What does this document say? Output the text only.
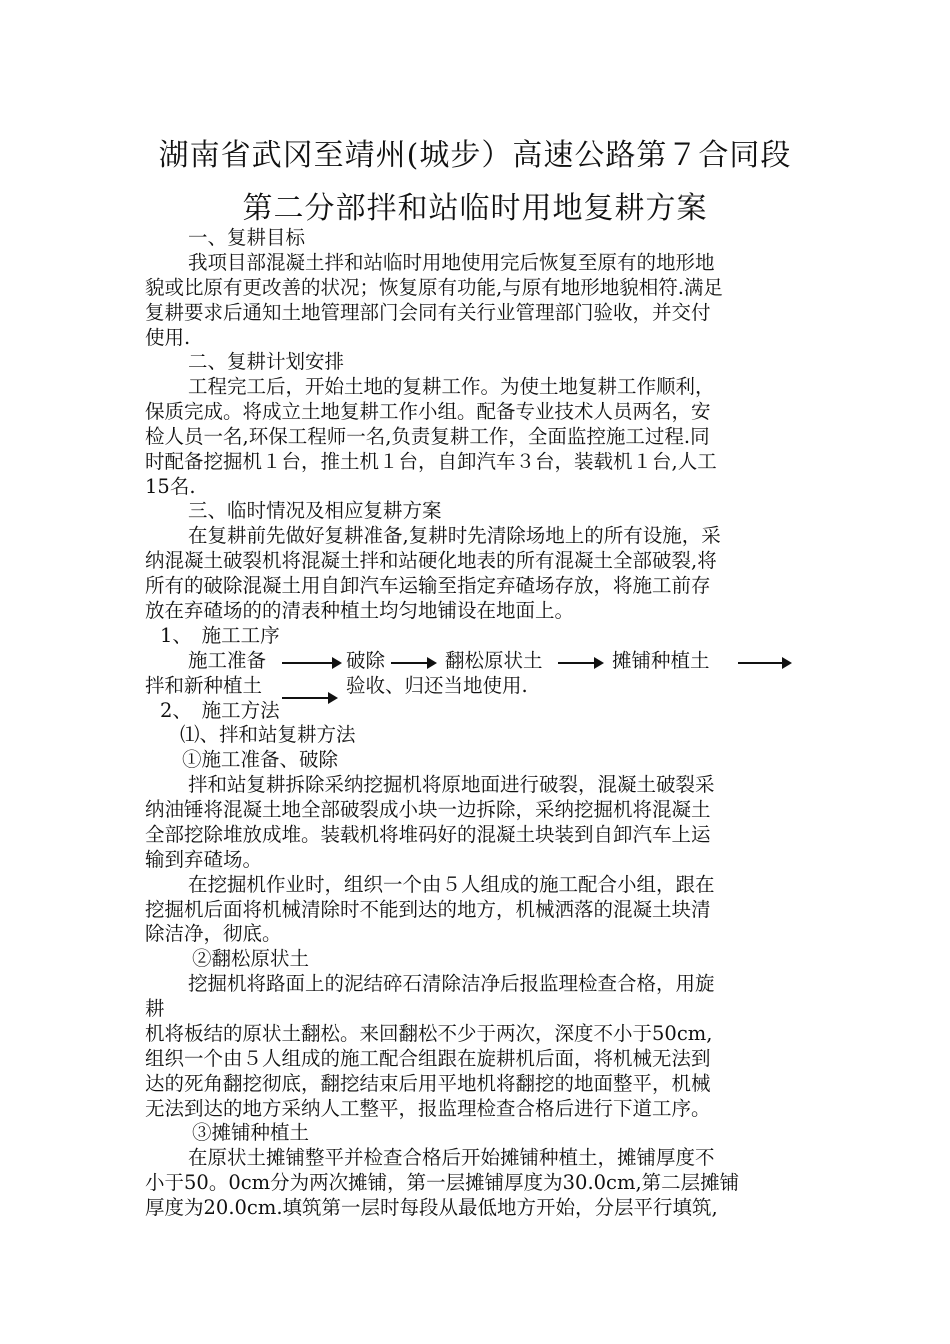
湖南省武冈至靖州(城步）高速公路第７合同段
第二分部拌和站临时用地复耕方案
一、复耕目标
我项目部混凝土拌和站临时用地使用完后恢复至原有的地形地
貌或比原有更改善的状况；恢复原有功能,与原有地形地貌相符.满足
复耕要求后通知土地管理部门会同有关行业管理部门验收，并交付
使用.
二、复耕计划安排
工程完工后，开始土地的复耕工作。为使土地复耕工作顺利，
保质完成。将成立土地复耕工作小组。配备专业技术人员两名，安
检人员一名,环保工程师一名,负责复耕工作，全面监控施工过程.同
时配备挖掘机１台，推土机１台，自卸汽车３台，装载机１台,人工
15名.
三、临时情况及相应复耕方案
在复耕前先做好复耕准备,复耕时先清除场地上的所有设施，采
纳混凝土破裂机将混凝土拌和站硬化地表的所有混凝土全部破裂,将
所有的破除混凝土用自卸汽车运输至指定弃碴场存放，将施工前存
放在弃碴场的的清表种植土均匀地铺设在地面上。
1、　施工工序
施工准备	破除	翻松原状土	摊铺种植土
拌和新种植土	验收、归还当地使用.
2、　施工方法
⑴、拌和站复耕方法
①施工准备、破除
拌和站复耕拆除采纳挖掘机将原地面进行破裂，混凝土破裂采
纳油锤将混凝土地全部破裂成小块一边拆除，采纳挖掘机将混凝土
全部挖除堆放成堆。装载机将堆码好的混凝土块装到自卸汽车上运
输到弃碴场。
在挖掘机作业时，组织一个由５人组成的施工配合小组，跟在
挖掘机后面将机械清除时不能到达的地方，机械洒落的混凝土块清
除洁净，彻底。
②翻松原状土
挖掘机将路面上的泥结碎石清除洁净后报监理检查合格，用旋
耕
机将板结的原状土翻松。来回翻松不少于两次，深度不小于50cm,
组织一个由５人组成的施工配合组跟在旋耕机后面，将机械无法到
达的死角翻挖彻底，翻挖结束后用平地机将翻挖的地面整平，机械
无法到达的地方采纳人工整平，报监理检查合格后进行下道工序。
③摊铺种植土
在原状土摊铺整平并检查合格后开始摊铺种植土，摊铺厚度不
小于50。0cm分为两次摊铺，第一层摊铺厚度为30.0cm,第二层摊铺
厚度为20.0cm.填筑第一层时每段从最低地方开始，分层平行填筑,
